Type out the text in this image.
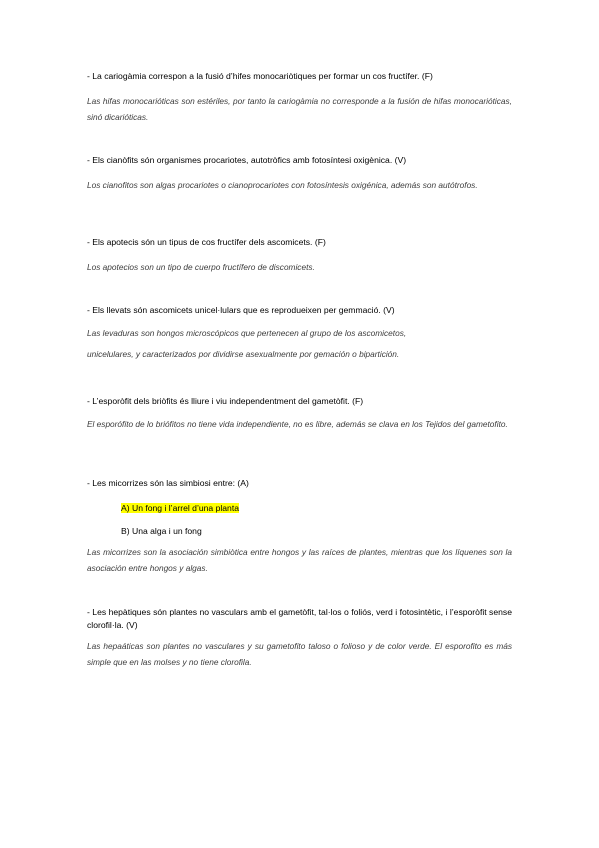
- La cariogàmia correspon a la fusió d’hifes monocariòtiques per formar un cos fructífer. (F)

Las hifas monocarióticas son estériles, por tanto la cariogàmia no corresponde a la fusión de hifas monocarióticas, sinó dicarióticas.

- Els cianòfits són organismes procariotes, autotròfics amb fotosíntesi oxigènica. (V)

Los cianofitos son algas procariotes o cianoprocariotes con fotosíntesis oxigénica, además son autótrofos.

- Els apotecis són un tipus de cos fructífer dels ascomicets. (F)

Los apotecios son un tipo de cuerpo fructífero de discomicets.

- Els llevats són ascomicets unicel·lulars que es reprodueixen per gemmació. (V)

Las levaduras son hongos microscópicos que pertenecen al grupo de los ascomicetos,

unicelulares, y caracterizados por dividirse asexualmente por gemación o bipartición.

- L’esporòfit dels briòfits és lliure i viu independentment del gametòfit. (F)

El esporófito de lo briófitos no tiene vida independiente, no es libre, además se clava en los Tejidos del gametofito.

- Les micorrizes són las simbiosi entre: (A)

A) Un fong i l’arrel d’una planta

B) Una alga i un fong

Las micorrizes son la asociación simbiòtica entre hongos y las raíces de plantes, mientras que los líquenes son la asociación entre hongos y algas.

- Les hepàtiques són plantes no vasculars amb el gametòfit, tal·los o foliós, verd i fotosintètic, i l’esporòfit sense clorofil·la. (V)

Las hepaáticas son plantes no vasculares y su gametofito taloso o folioso y de color verde. El esporofito es más simple que en las molses y no tiene clorofila.
